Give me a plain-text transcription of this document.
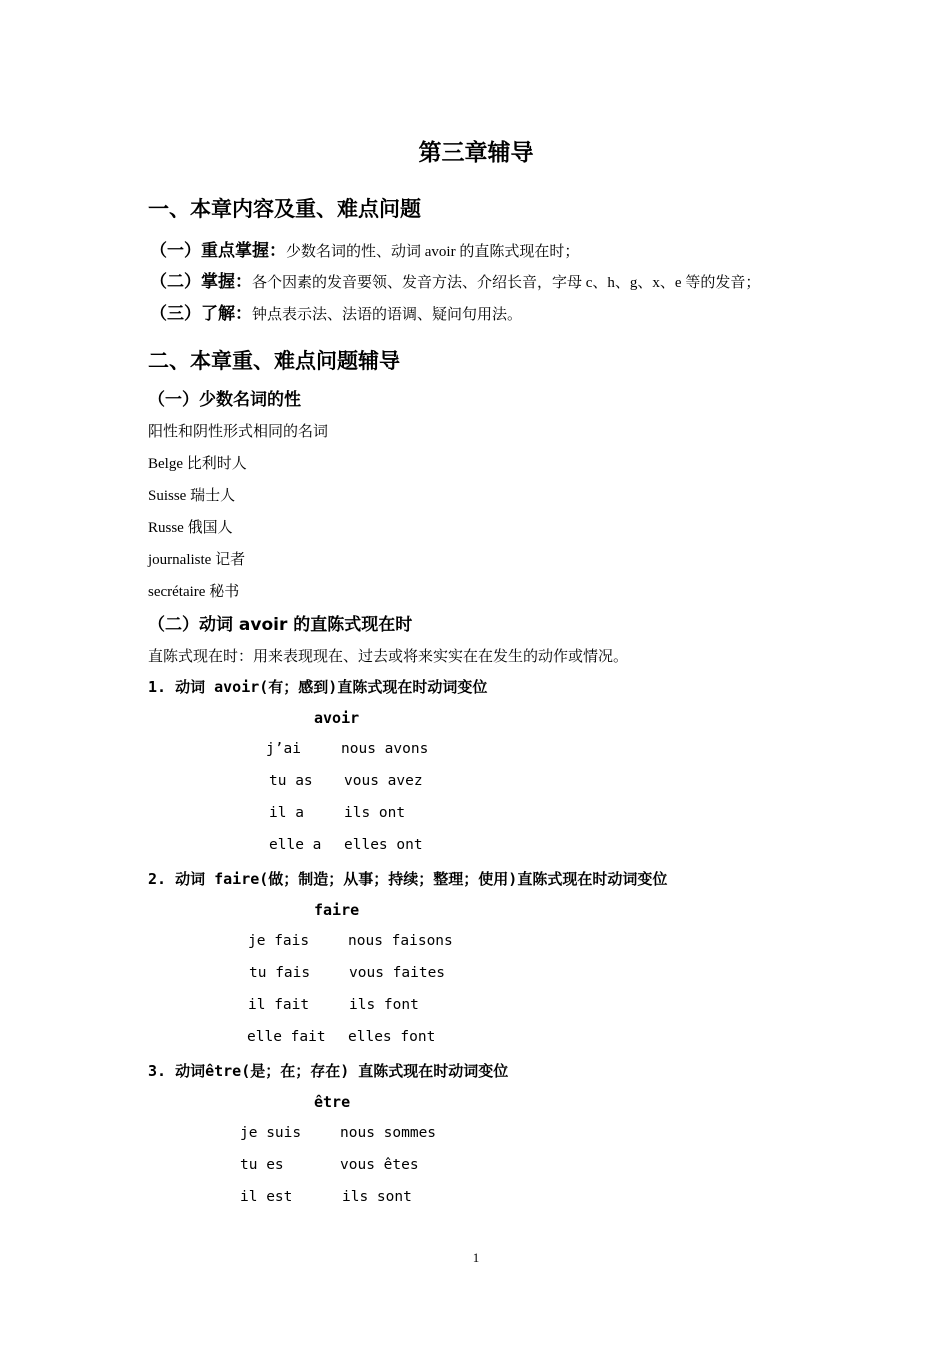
第三章辅导
一、本章内容及重、难点问题
（一）重点掌握：少数名词的性、动词 avoir 的直陈式现在时；
（二）掌握：各个因素的发音要领、发音方法、介绍长音，字母 c、h、g、x、e 等的发音；
（三）了解：钟点表示法、法语的语调、疑问句用法。
二、本章重、难点问题辅导
（一）少数名词的性
阳性和阴性形式相同的名词
Belge 比利时人
Suisse 瑞士人
Russe 俄国人
journaliste 记者
secrétaire 秘书
（二）动词 avoir 的直陈式现在时
直陈式现在时：用来表现现在、过去或将来实实在在发生的动作或情况。
1. 动词 avoir(有；感到)直陈式现在时动词变位
avoir
j’ai	nous avons
tu as vous avez
il a	ils ont
elle a elles ont
2. 动词 faire(做；制造；从事；持续；整理；使用)直陈式现在时动词变位
faire
je fais	nous faisons
tu fais	vous faites
il fait	ils font
elle fait elles font
3. 动词être(是；在；存在) 直陈式现在时动词变位
être
je suis	nous sommes
tu es	vous êtes
il est	ils sont
1
